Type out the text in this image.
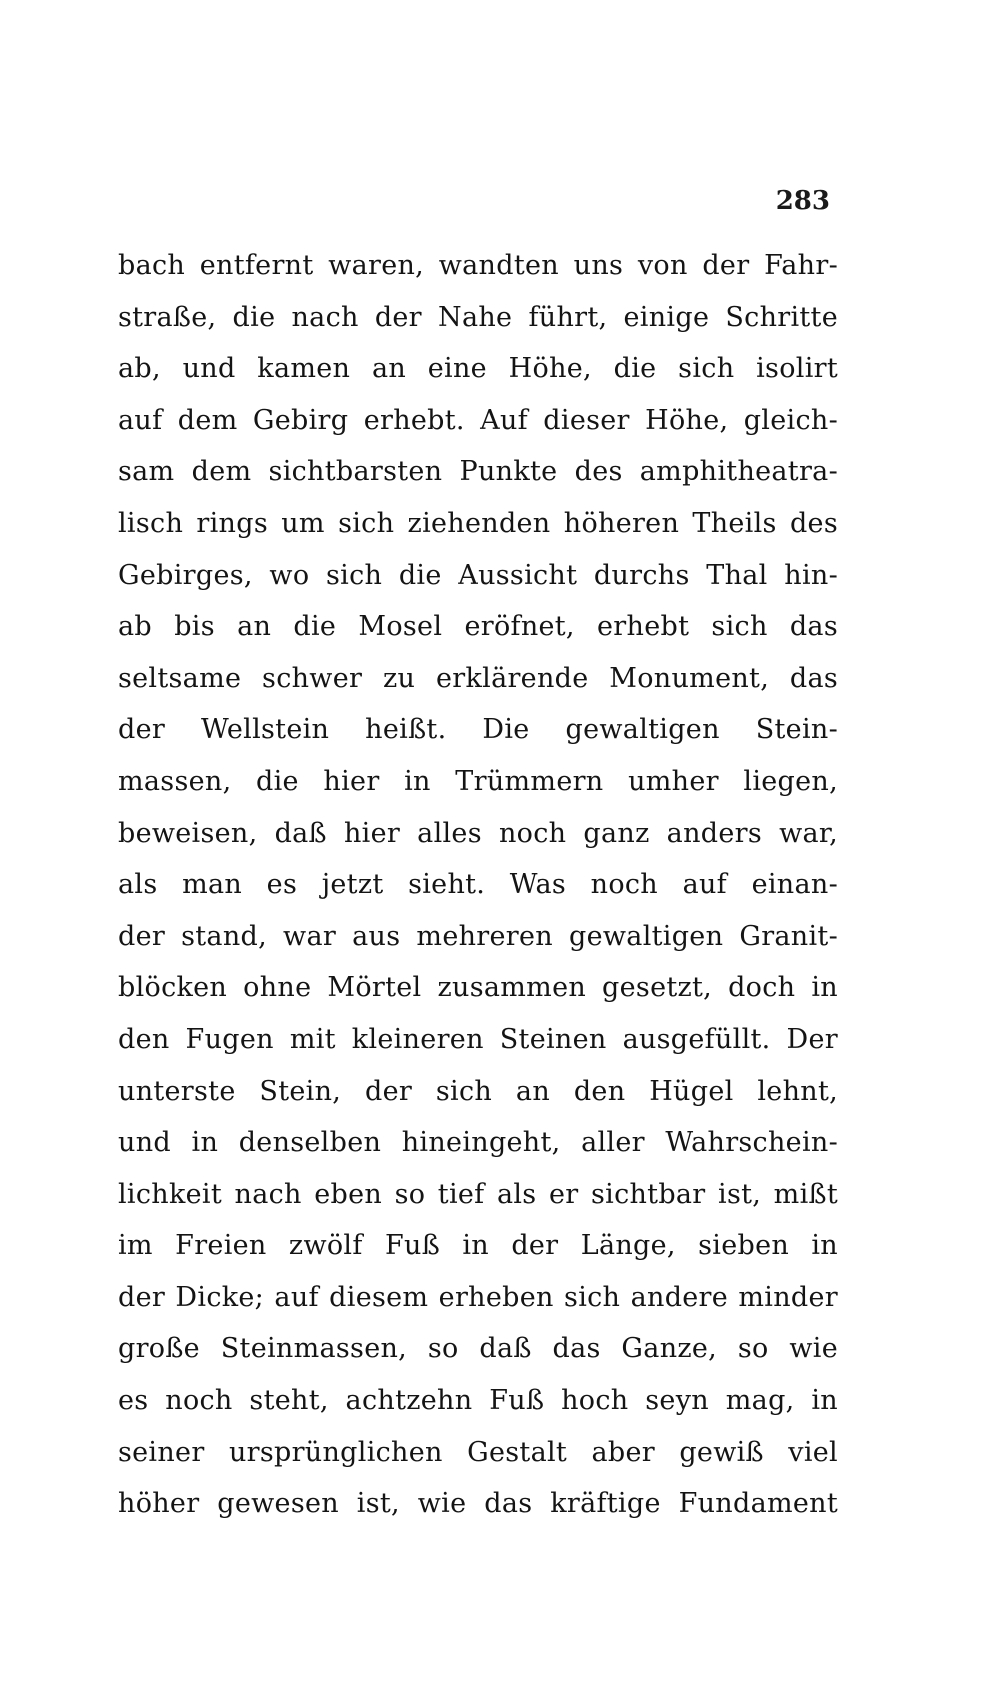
283
bach entfernt waren, wandten uns von der Fahr-
straße, die nach der Nahe führt, einige Schritte
ab, und kamen an eine Höhe, die sich isolirt
auf dem Gebirg erhebt. Auf dieser Höhe, gleich-
sam dem sichtbarsten Punkte des amphitheatra-
lisch rings um sich ziehenden höheren Theils des
Gebirges, wo sich die Aussicht durchs Thal hin-
ab bis an die Mosel eröfnet, erhebt sich das
seltsame schwer zu erklärende Monument, das
der Wellstein heißt. Die gewaltigen Stein-
massen, die hier in Trümmern umher liegen,
beweisen, daß hier alles noch ganz anders war,
als man es jetzt sieht. Was noch auf einan-
der stand, war aus mehreren gewaltigen Granit-
blöcken ohne Mörtel zusammen gesetzt, doch in
den Fugen mit kleineren Steinen ausgefüllt. Der
unterste Stein, der sich an den Hügel lehnt,
und in denselben hineingeht, aller Wahrschein-
lichkeit nach eben so tief als er sichtbar ist, mißt
im Freien zwölf Fuß in der Länge, sieben in
der Dicke; auf diesem erheben sich andere minder
große Steinmassen, so daß das Ganze, so wie
es noch steht, achtzehn Fuß hoch seyn mag, in
seiner ursprünglichen Gestalt aber gewiß viel
höher gewesen ist, wie das kräftige Fundament
